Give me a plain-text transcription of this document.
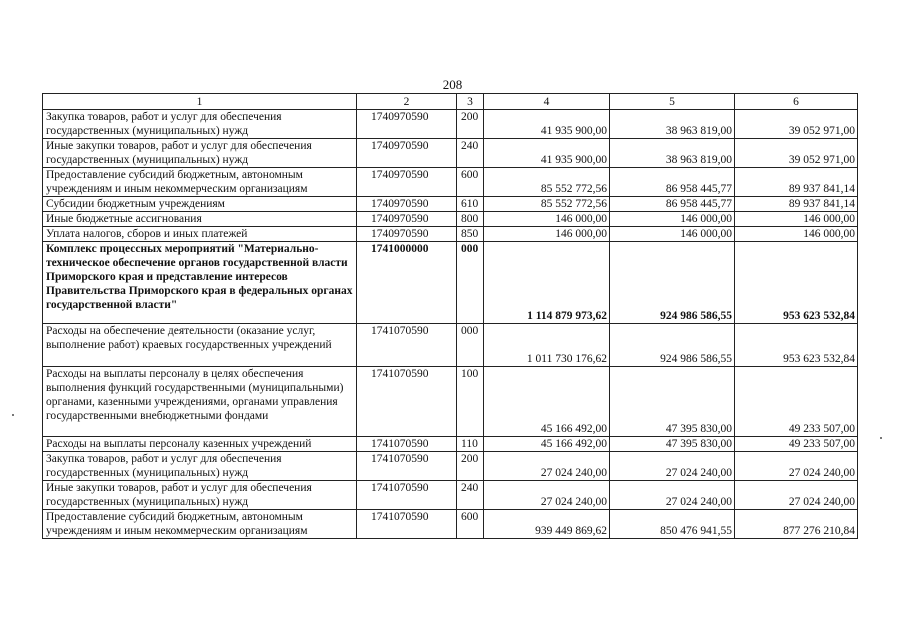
208
1	2	3	4	5	6
Закупка товаров, работ и услуг для обеспечения государственных (муниципальных) нужд	1740970590	200	41 935 900,00	38 963 819,00	39 052 971,00
Иные закупки товаров, работ и услуг для обеспечения государственных (муниципальных) нужд	1740970590	240	41 935 900,00	38 963 819,00	39 052 971,00
Предоставление субсидий бюджетным, автономным учреждениям и иным некоммерческим организациям	1740970590	600	85 552 772,56	86 958 445,77	89 937 841,14
Субсидии бюджетным учреждениям	1740970590	610	85 552 772,56	86 958 445,77	89 937 841,14
Иные бюджетные ассигнования	1740970590	800	146 000,00	146 000,00	146 000,00
Уплата налогов, сборов и иных платежей	1740970590	850	146 000,00	146 000,00	146 000,00
Комплекс процессных мероприятий "Материально-техническое обеспечение органов государственной власти Приморского края и представление интересов Правительства Приморского края в федеральных органах государственной власти"	1741000000	000	1 114 879 973,62	924 986 586,55	953 623 532,84
Расходы на обеспечение деятельности (оказание услуг, выполнение работ) краевых государственных учреждений	1741070590	000	1 011 730 176,62	924 986 586,55	953 623 532,84
Расходы на выплаты персоналу в целях обеспечения выполнения функций государственными (муниципальными) органами, казенными учреждениями, органами управления государственными внебюджетными фондами	1741070590	100	45 166 492,00	47 395 830,00	49 233 507,00
Расходы на выплаты персоналу казенных учреждений	1741070590	110	45 166 492,00	47 395 830,00	49 233 507,00
Закупка товаров, работ и услуг для обеспечения государственных (муниципальных) нужд	1741070590	200	27 024 240,00	27 024 240,00	27 024 240,00
Иные закупки товаров, работ и услуг для обеспечения государственных (муниципальных) нужд	1741070590	240	27 024 240,00	27 024 240,00	27 024 240,00
Предоставление субсидий бюджетным, автономным учреждениям и иным некоммерческим организациям	1741070590	600	939 449 869,62	850 476 941,55	877 276 210,84
